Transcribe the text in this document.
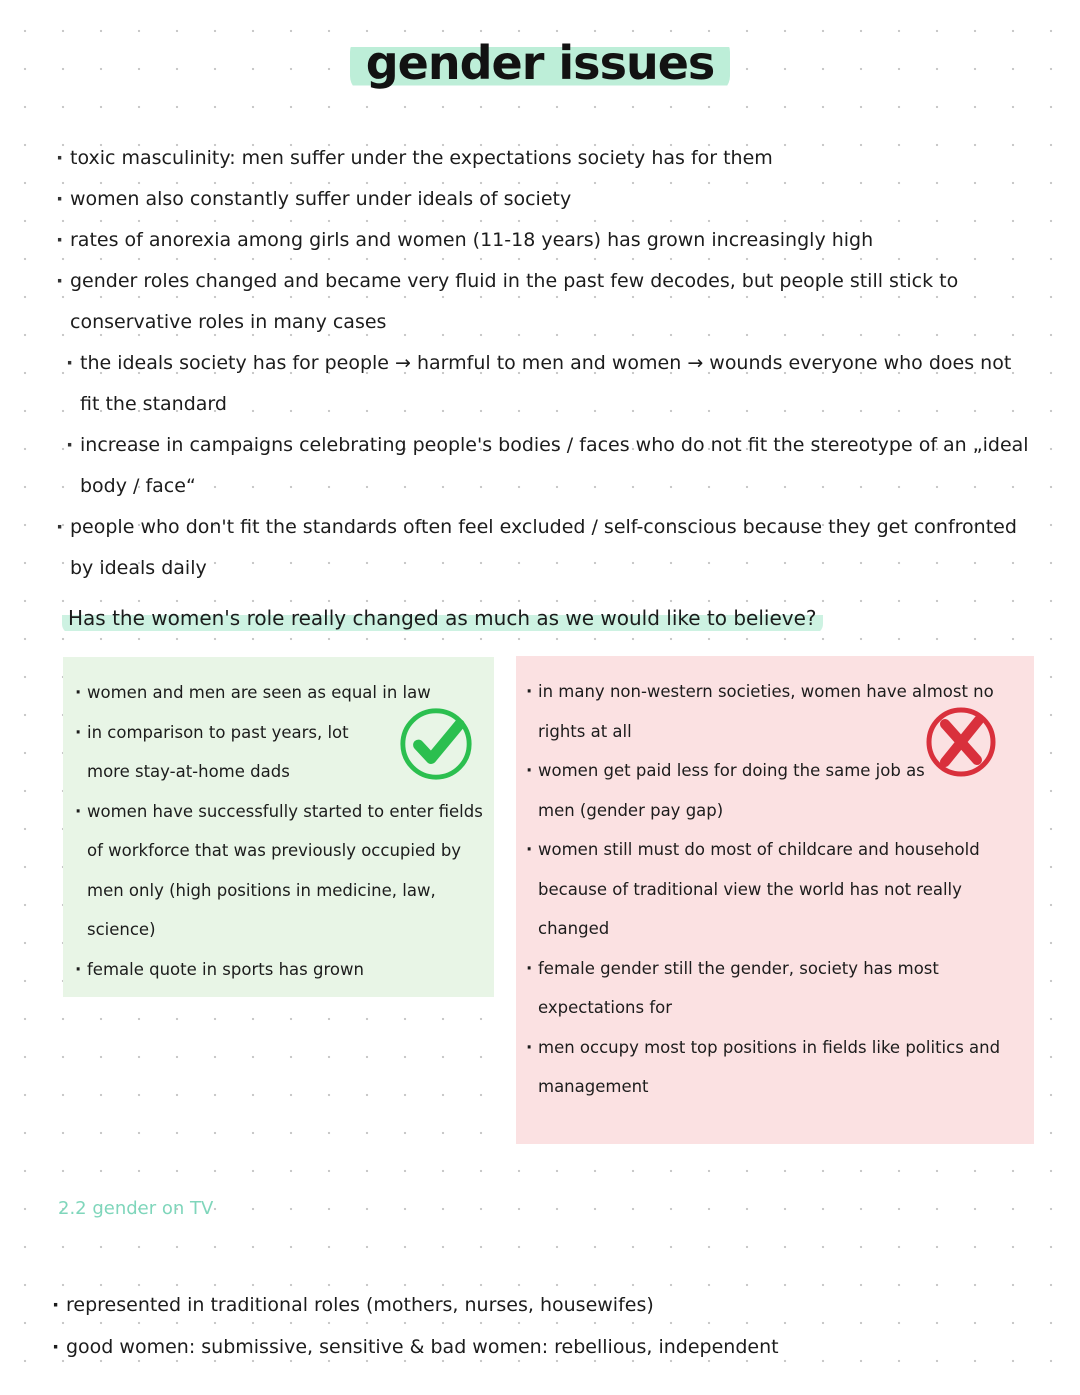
gender issues
· toxic masculinity: men suffer under the expectations society has for them
· women also constantly suffer under ideals of society
· rates of anorexia among girls and women (11-18 years) has grown increasingly high
· gender roles changed and became very fluid in the past few decodes, but people still stick to conservative roles in many cases
· the ideals society has for people → harmful to men and women → wounds everyone who does not fit the standard
· increase in campaigns celebrating people's bodies / faces who do not fit the stereotype of an „ideal body / face“
· people who don't fit the standards often feel excluded / self-conscious because they get confronted by ideals daily
Has the women's role really changed as much as we would like to believe?
· women and men are seen as equal in law
· in comparison to past years, lot more stay-at-home dads
· women have successfully started to enter fields of workforce that was previously occupied by men only (high positions in medicine, law, science)
· female quote in sports has grown
· in many non-western societies, women have almost no rights at all
· women get paid less for doing the same job as men (gender pay gap)
· women still must do most of childcare and household because of traditional view the world has not really changed
· female gender still the gender, society has most expectations for
· men occupy most top positions in fields like politics and management
2.2 gender on TV
· represented in traditional roles (mothers, nurses, housewifes)
· good women: submissive, sensitive & bad women: rebellious, independent
